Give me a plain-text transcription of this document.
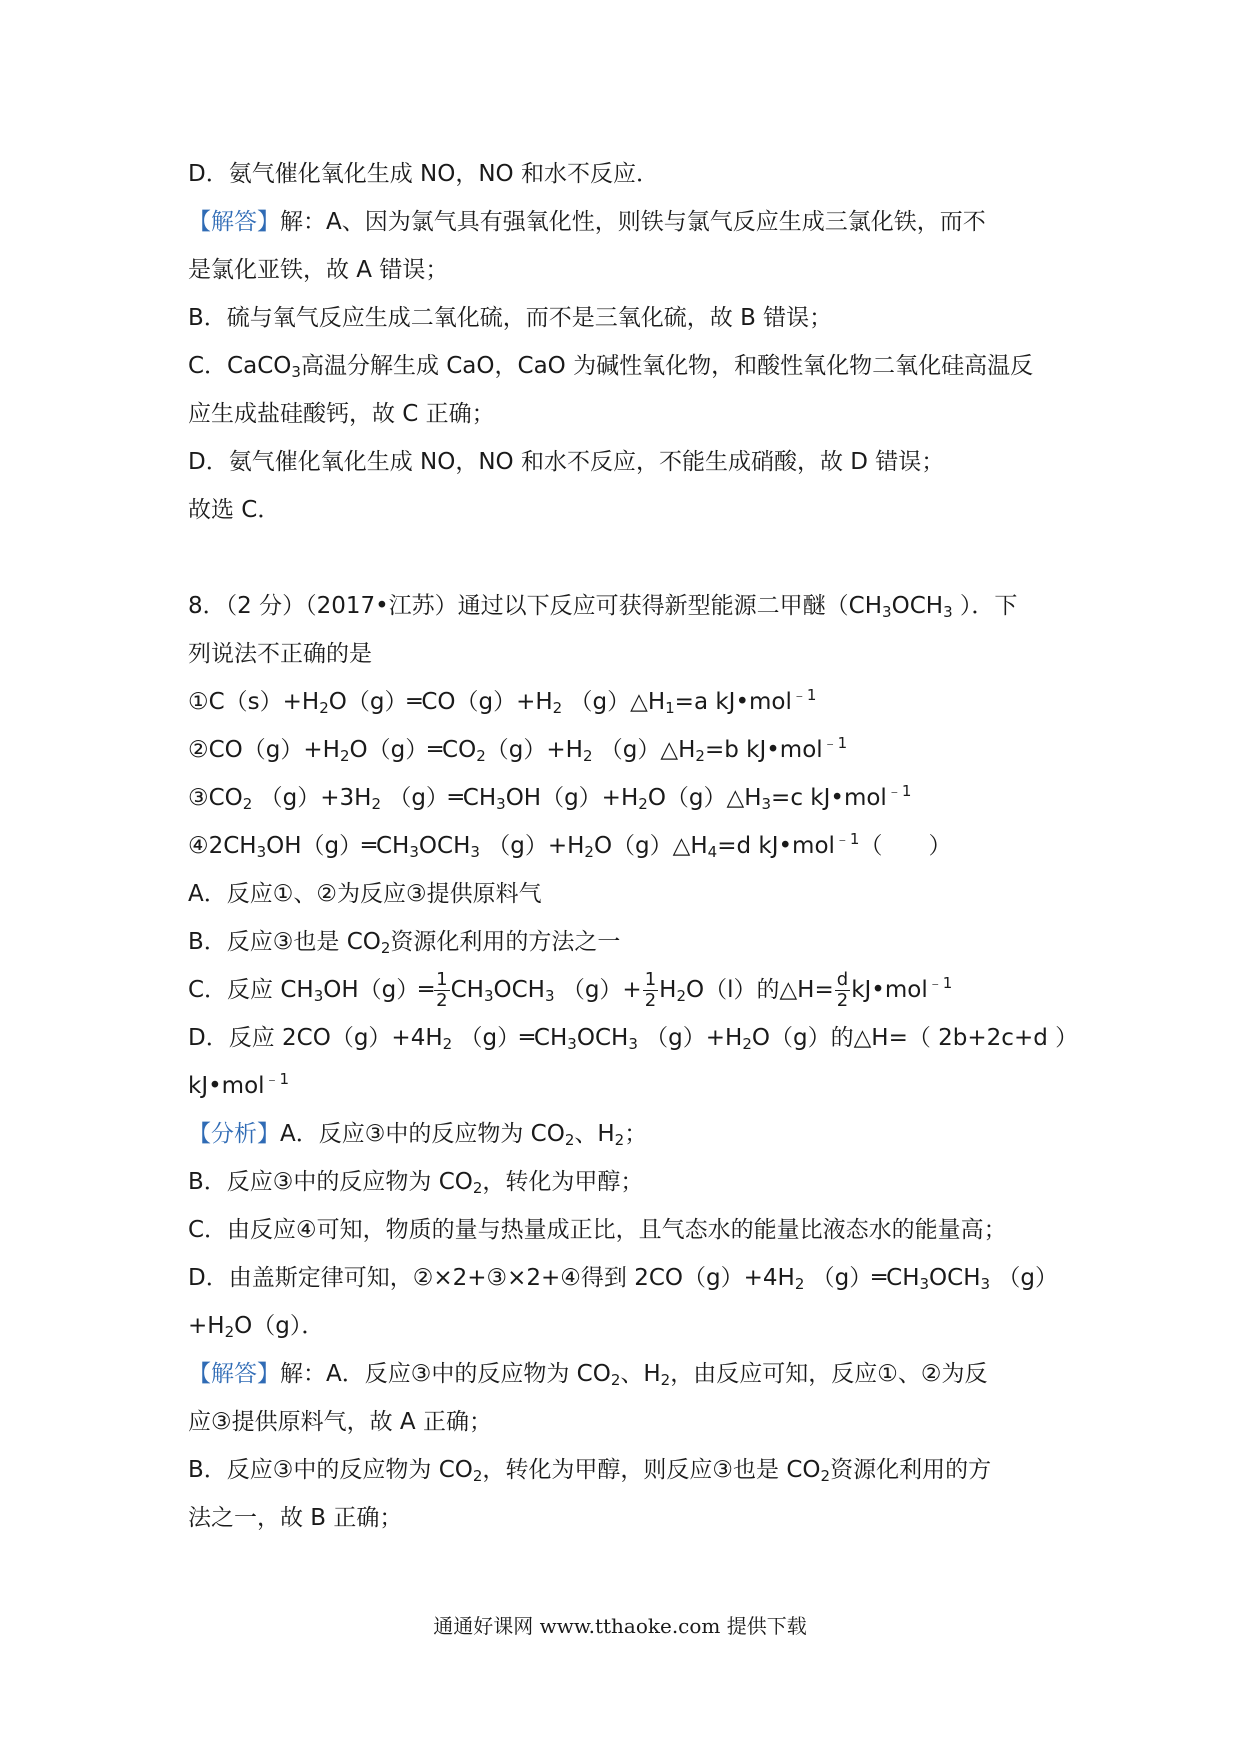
D．氨气催化氧化生成 NO，NO 和水不反应．
【解答】解：A、因为氯气具有强氧化性，则铁与氯气反应生成三氯化铁，而不
是氯化亚铁，故 A 错误；
B．硫与氧气反应生成二氧化硫，而不是三氧化硫，故 B 错误；
C．CaCO$_3$高温分解生成 CaO，CaO 为碱性氧化物，和酸性氧化物二氧化硅高温反
应生成盐硅酸钙，故 C 正确；
D．氨气催化氧化生成 NO，NO 和水不反应，不能生成硝酸，故 D 错误；
故选 C．
8．（2 分）（2017•江苏）通过以下反应可获得新型能源二甲醚（$CH_3OCH_3$ ）．下
列说法不正确的是
$①C(s)+H_2O(g)═CO(g)+H_2$ $(g)\triangle H_1=a$ kJ•mol$^{﹣1}$
$②CO(g)+H_2O(g)═CO_2(g)+H_2$ $(g)\triangle H_2=b$ kJ•mol$^{﹣1}$
$③CO_2$ $(g)+3H_2$ $(g)═CH_3OH(g)+H_2O(g)\triangle H_3=c$ kJ•mol$^{﹣1}$
$④2CH_3OH(g)═CH_3OCH_3$ $(g)+H_2O(g)\triangle H_4=d$ kJ•mol$^{﹣1}$（　　）
A．反应①、②为反应③提供原料气
B．反应③也是 $CO_2$资源化利用的方法之一
C．反应 $CH_3OH(g)═ \frac{1}{2} CH_3OCH_3$ $(g)+ \frac{1}{2} H_2O(l)$的△H= $\frac{d}{2}$ kJ•mol$^{﹣1}$
D．反应 $2CO(g)+4H_2$ $(g)═CH_3OCH_3$ $(g)+H_2O(g)$的△H=（ 2b+2c+d ）
kJ•mol$^{﹣1}$
【分析】A．反应③中的反应物为 $CO_2$、$H_2$；
B．反应③中的反应物为 $CO_2$，转化为甲醇；
C．由反应④可知，物质的量与热量成正比，且气态水的能量比液态水的能量高；
D．由盖斯定律可知，②×2+③×2+④得到 $2CO(g)+4H_2$ $(g)═CH_3OCH_3$ （g）
$+H_2O(g)$．
【解答】解：A．反应③中的反应物为 $CO_2$、$H_2$，由反应可知，反应①、②为反
应③提供原料气，故 A 正确；
B．反应③中的反应物为 $CO_2$，转化为甲醇，则反应③也是 $CO_2$资源化利用的方
法之一，故 B 正确；
通通好课网 www.tthaoke.com 提供下载
